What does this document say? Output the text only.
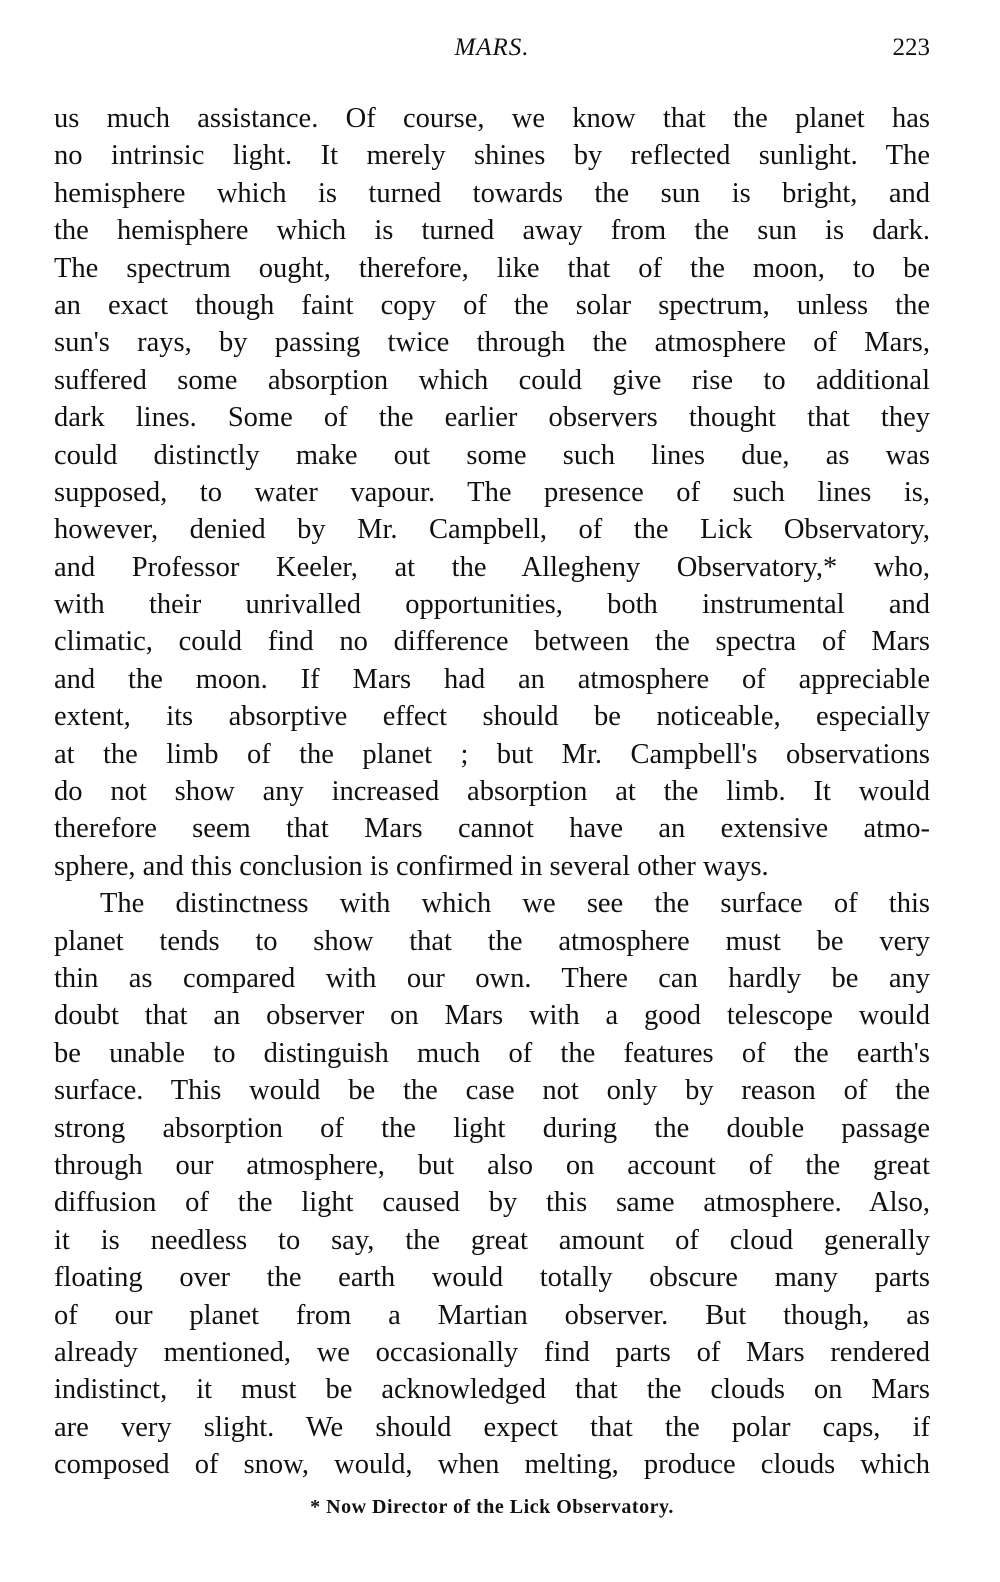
MARS.	223
us much assistance. Of course, we know that the planet has
no intrinsic light. It merely shines by reflected sunlight. The
hemisphere which is turned towards the sun is bright, and
the hemisphere which is turned away from the sun is dark.
The spectrum ought, therefore, like that of the moon, to be
an exact though faint copy of the solar spectrum, unless the
sun's rays, by passing twice through the atmosphere of Mars,
suffered some absorption which could give rise to additional
dark lines. Some of the earlier observers thought that they
could distinctly make out some such lines due, as was
supposed, to water vapour. The presence of such lines is,
however, denied by Mr. Campbell, of the Lick Observatory,
and Professor Keeler, at the Allegheny Observatory,* who,
with their unrivalled opportunities, both instrumental and
climatic, could find no difference between the spectra of Mars
and the moon. If Mars had an atmosphere of appreciable
extent, its absorptive effect should be noticeable, especially
at the limb of the planet ; but Mr. Campbell's observations
do not show any increased absorption at the limb. It would
therefore seem that Mars cannot have an extensive atmo-
sphere, and this conclusion is confirmed in several other ways.
The distinctness with which we see the surface of this
planet tends to show that the atmosphere must be very
thin as compared with our own. There can hardly be any
doubt that an observer on Mars with a good telescope would
be unable to distinguish much of the features of the earth's
surface. This would be the case not only by reason of the
strong absorption of the light during the double passage
through our atmosphere, but also on account of the great
diffusion of the light caused by this same atmosphere. Also,
it is needless to say, the great amount of cloud generally
floating over the earth would totally obscure many parts
of our planet from a Martian observer. But though, as
already mentioned, we occasionally find parts of Mars rendered
indistinct, it must be acknowledged that the clouds on Mars
are very slight. We should expect that the polar caps, if
composed of snow, would, when melting, produce clouds which
* Now Director of the Lick Observatory.
